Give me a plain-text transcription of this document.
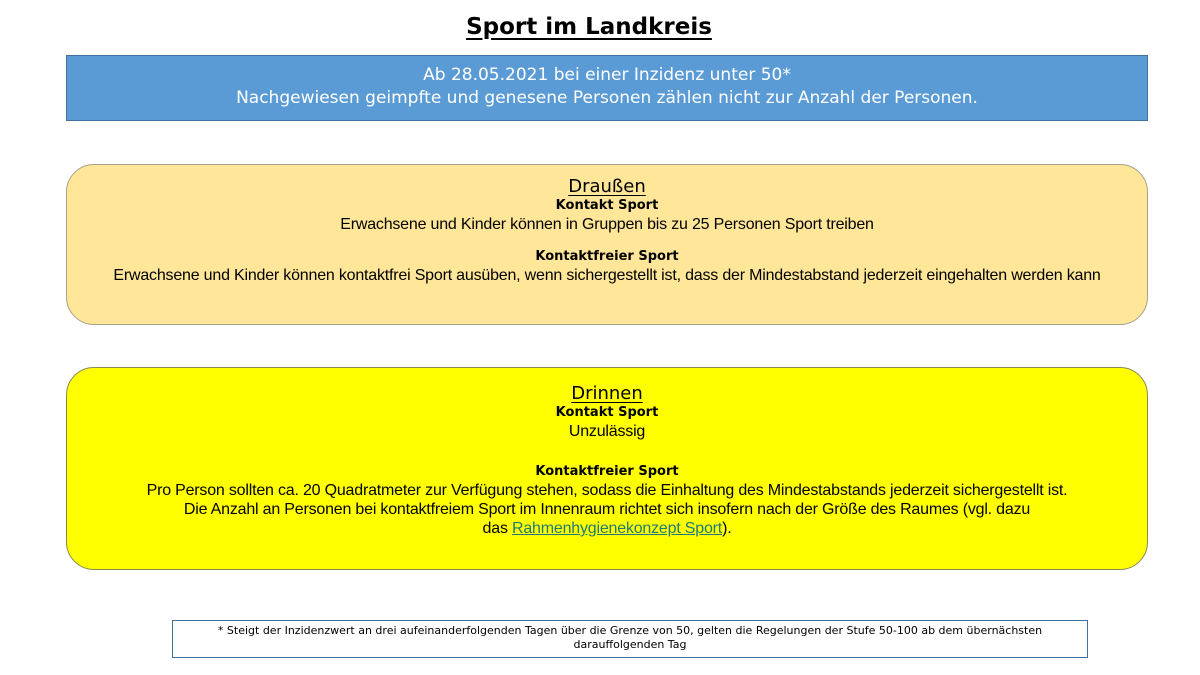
Sport im Landkreis
Ab 28.05.2021 bei einer Inzidenz unter 50*
Nachgewiesen geimpfte und genesene Personen zählen nicht zur Anzahl der Personen.
Draußen
Kontakt Sport
Erwachsene und Kinder können in Gruppen bis zu 25 Personen Sport treiben
Kontaktfreier Sport
Erwachsene und Kinder können kontaktfrei Sport ausüben, wenn sichergestellt ist, dass der Mindestabstand jederzeit eingehalten werden kann
Drinnen
Kontakt Sport
Unzulässig
Kontaktfreier Sport
Pro Person sollten ca. 20 Quadratmeter zur Verfügung stehen, sodass die Einhaltung des Mindestabstands jederzeit sichergestellt ist.
Die Anzahl an Personen bei kontaktfreiem Sport im Innenraum richtet sich insofern nach der Größe des Raumes (vgl. dazu
das Rahmenhygienekonzept Sport).
* Steigt der Inzidenzwert an drei aufeinanderfolgenden Tagen über die Grenze von 50, gelten die Regelungen der Stufe 50-100 ab dem übernächsten darauffolgenden Tag
